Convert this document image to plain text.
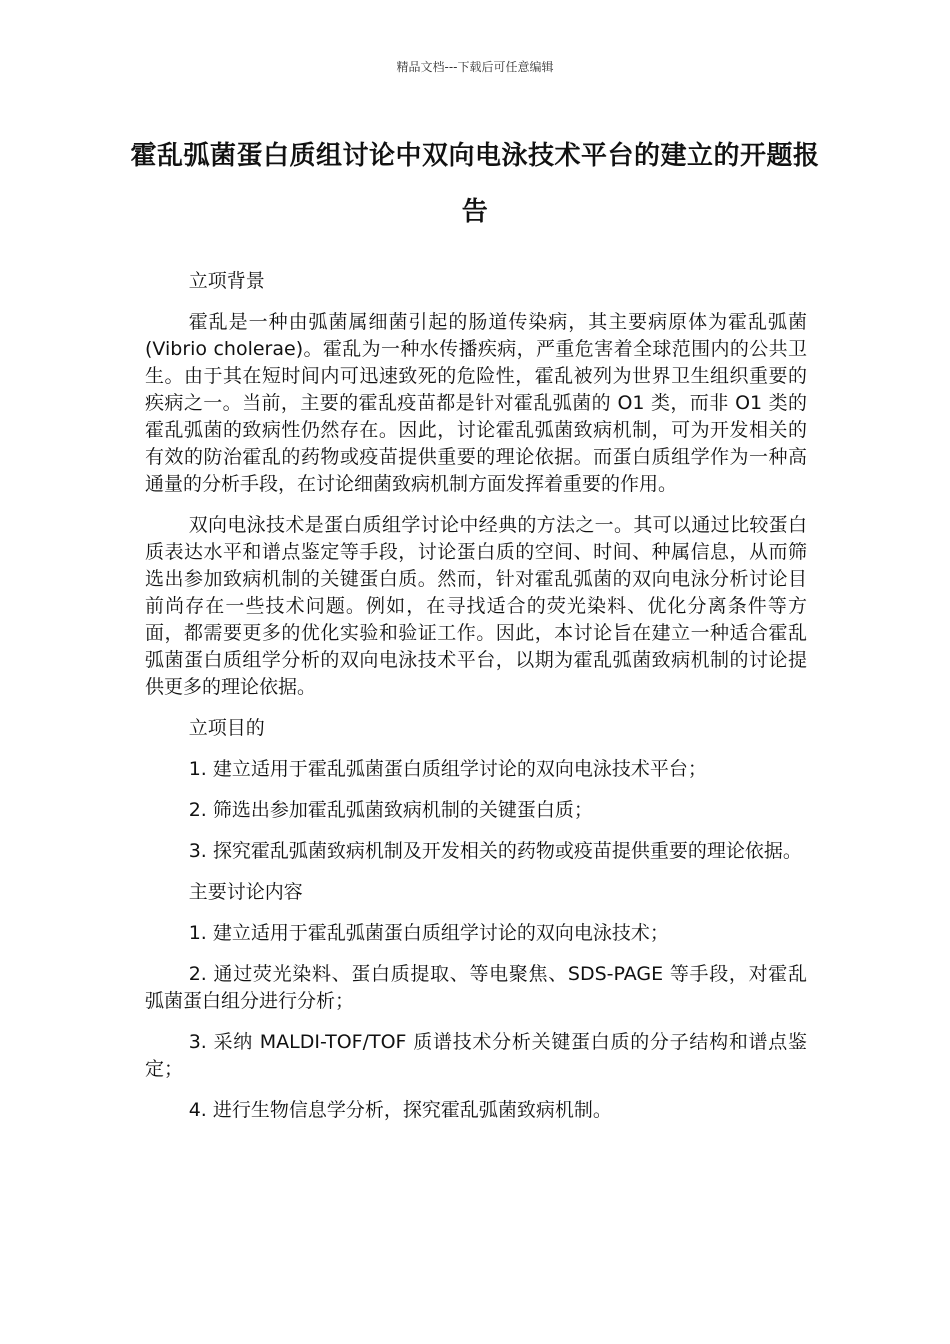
精品文档---下载后可任意编辑
霍乱弧菌蛋白质组讨论中双向电泳技术平台的建立的开题报告

立项背景

霍乱是一种由弧菌属细菌引起的肠道传染病，其主要病原体为霍乱弧菌(Vibrio cholerae)。霍乱为一种水传播疾病，严重危害着全球范围内的公共卫生。由于其在短时间内可迅速致死的危险性，霍乱被列为世界卫生组织重要的疾病之一。当前，主要的霍乱疫苗都是针对霍乱弧菌的 O1 类，而非 O1 类的霍乱弧菌的致病性仍然存在。因此，讨论霍乱弧菌致病机制，可为开发相关的有效的防治霍乱的药物或疫苗提供重要的理论依据。而蛋白质组学作为一种高通量的分析手段，在讨论细菌致病机制方面发挥着重要的作用。

双向电泳技术是蛋白质组学讨论中经典的方法之一。其可以通过比较蛋白质表达水平和谱点鉴定等手段，讨论蛋白质的空间、时间、种属信息，从而筛选出参加致病机制的关键蛋白质。然而，针对霍乱弧菌的双向电泳分析讨论目前尚存在一些技术问题。例如，在寻找适合的荧光染料、优化分离条件等方面，都需要更多的优化实验和验证工作。因此，本讨论旨在建立一种适合霍乱弧菌蛋白质组学分析的双向电泳技术平台，以期为霍乱弧菌致病机制的讨论提供更多的理论依据。

立项目的

1. 建立适用于霍乱弧菌蛋白质组学讨论的双向电泳技术平台；

2. 筛选出参加霍乱弧菌致病机制的关键蛋白质；

3. 探究霍乱弧菌致病机制及开发相关的药物或疫苗提供重要的理论依据。

主要讨论内容

1. 建立适用于霍乱弧菌蛋白质组学讨论的双向电泳技术；

2. 通过荧光染料、蛋白质提取、等电聚焦、SDS-PAGE 等手段，对霍乱弧菌蛋白组分进行分析；

3. 采纳 MALDI-TOF/TOF 质谱技术分析关键蛋白质的分子结构和谱点鉴定；

4. 进行生物信息学分析，探究霍乱弧菌致病机制。
